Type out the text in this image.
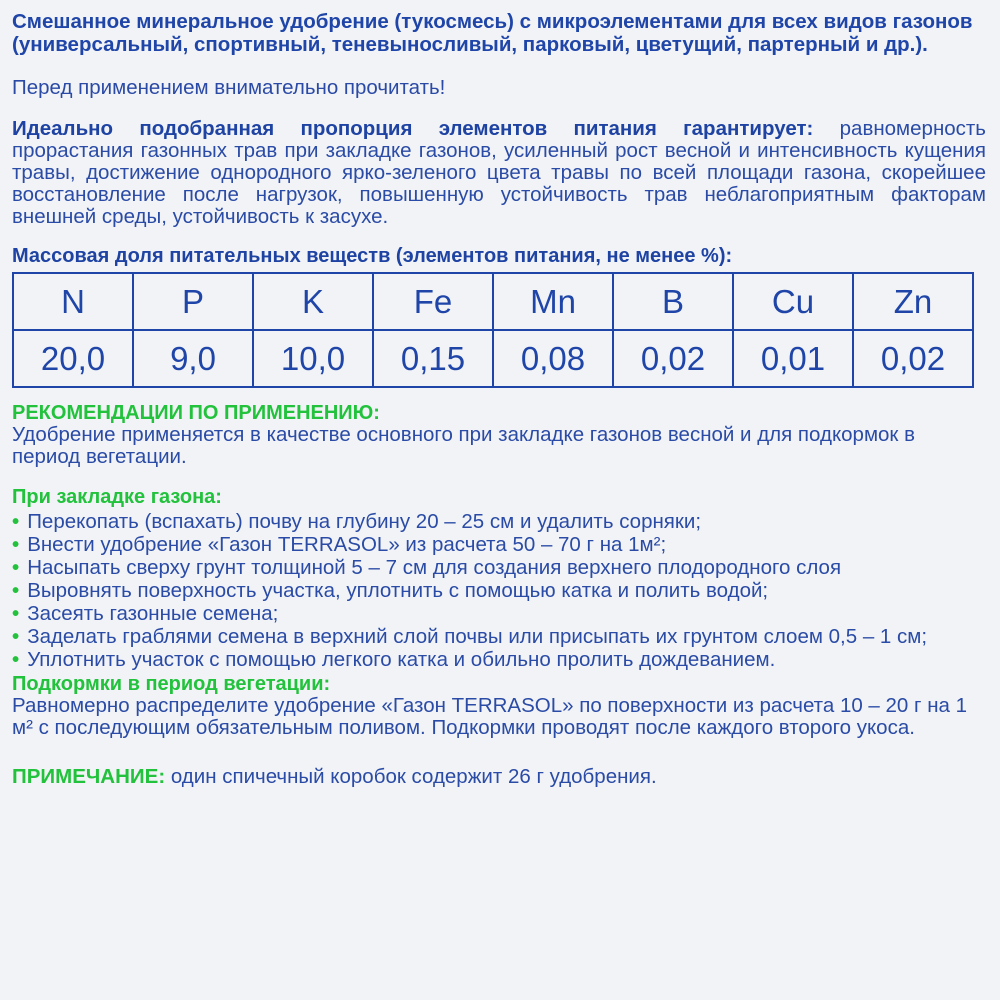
Смешанное минеральное удобрение (тукосмесь) с микроэлементами для всех видов газонов (универсальный, спортивный, теневыносливый, парковый, цветущий, партерный и др.).

Перед применением внимательно прочитать!

Идеально подобранная пропорция элементов питания гарантирует: равномерность прорастания газонных трав при закладке газонов, усиленный рост весной и интенсивность кущения травы, достижение однородного ярко-зеленого цвета травы по всей площади газона, скорейшее восстановление после нагрузок, повышенную устойчивость трав неблагоприятным факторам внешней среды, устойчивость к засухе.

Массовая доля питательных веществ (элементов питания, не менее %):

N	P	K	Fe	Mn	B	Cu	Zn
20,0	9,0	10,0	0,15	0,08	0,02	0,01	0,02

РЕКОМЕНДАЦИИ ПО ПРИМЕНЕНИЮ:

Удобрение применяется в качестве основного при закладке газонов весной и для подкормок в период вегетации.

При закладке газона:

• Перекопать (вспахать) почву на глубину 20 – 25 см и удалить сорняки;
• Внести удобрение «Газон TERRASOL» из расчета 50 – 70 г на 1м²;
• Насыпать сверху грунт толщиной 5 – 7 см для создания верхнего плодородного слоя
• Выровнять поверхность участка, уплотнить с помощью катка и полить водой;
• Засеять газонные семена;
• Заделать граблями семена в верхний слой почвы или присыпать их грунтом слоем 0,5 – 1 см;
• Уплотнить участок с помощью легкого катка и обильно пролить дождеванием.

Подкормки в период вегетации:

Равномерно распределите удобрение «Газон TERRASOL» по поверхности из расчета 10 – 20 г на 1 м² с последующим обязательным поливом. Подкормки проводят после каждого второго укоса.

ПРИМЕЧАНИЕ: один спичечный коробок содержит 26 г удобрения.
